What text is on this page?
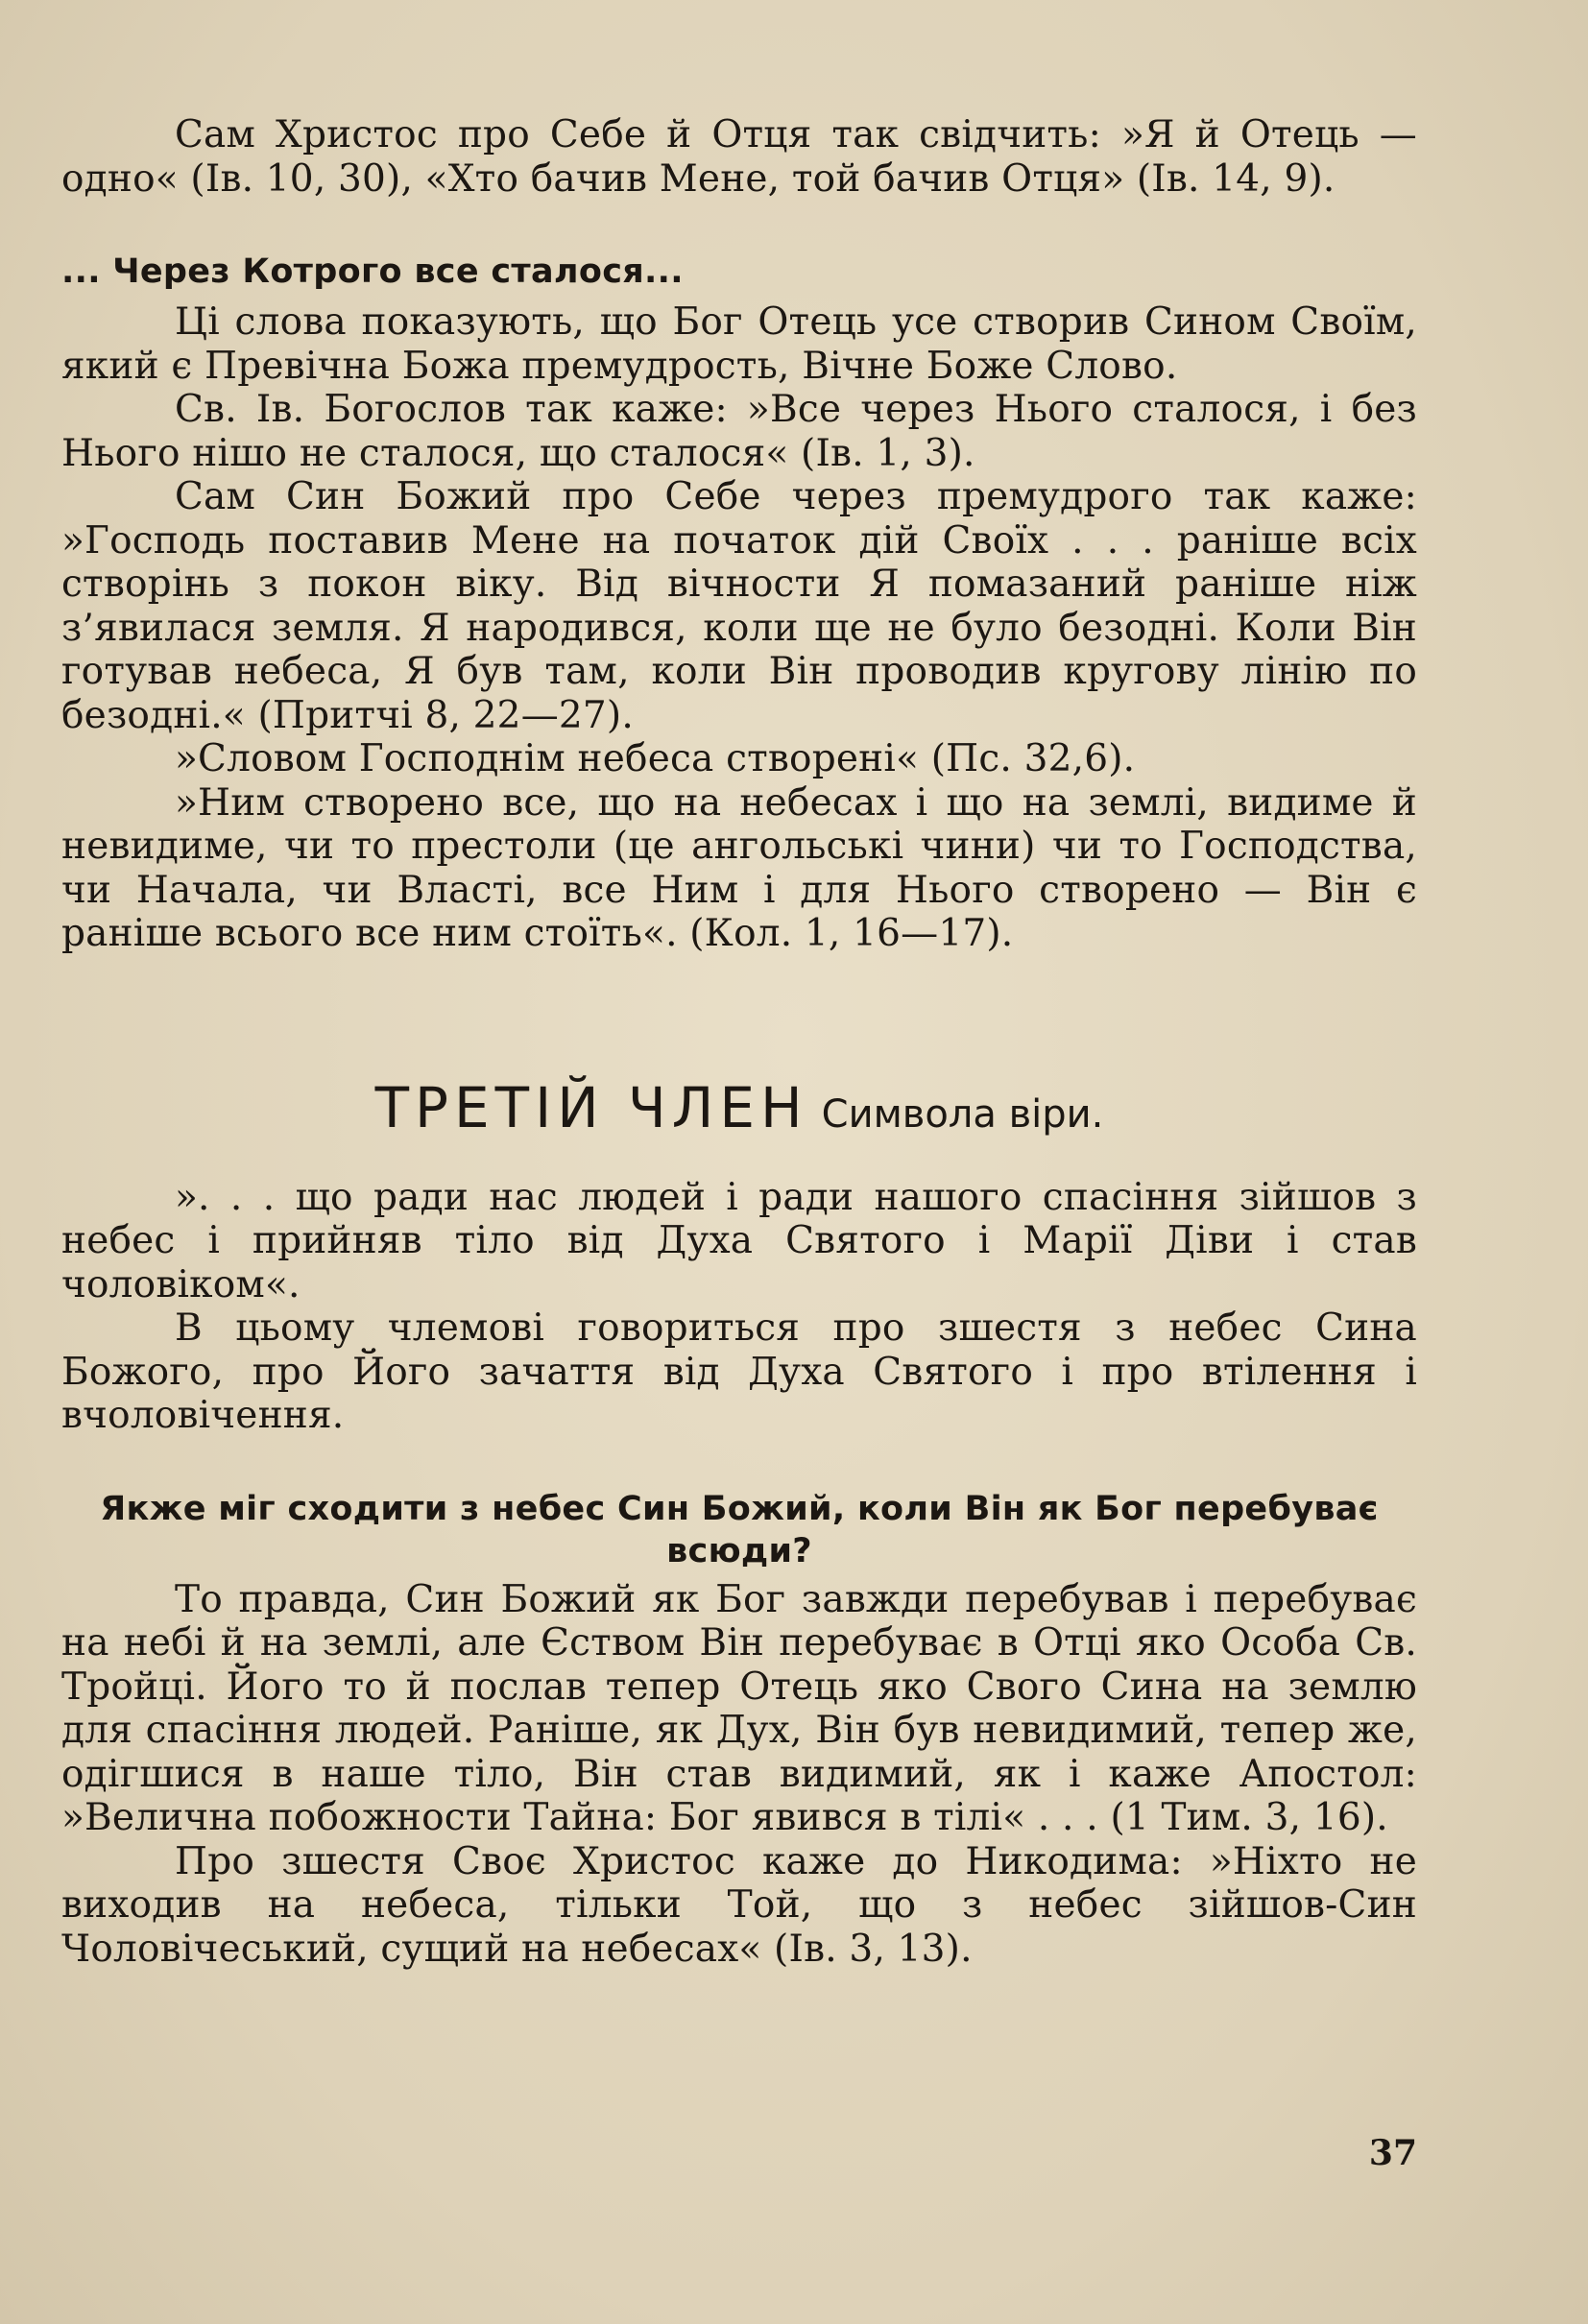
Сам Христос про Себе й Отця так свідчить: »Я й Отець — одно« (Ів. 10, 30), «Хто бачив Мене, той бачив Отця» (Ів. 14, 9).

... Через Котрого все сталося...

Ці слова показують, що Бог Отець усе створив Сином Своїм, який є Превічна Божа премудрость, Вічне Боже Слово.

Св. Ів. Богослов так каже: »Все через Нього сталося, і без Нього нішо не сталося, що сталося« (Ів. 1, 3).

Сам Син Божий про Себе через премудрого так каже: »Господь поставив Мене на початок дій Своїх . . . раніше всіх створінь з покон віку. Від вічности Я помазаний раніше ніж з’явилася земля. Я народився, коли ще не було безодні. Коли Він готував небеса, Я був там, коли Він проводив кругову лінію по безодні.« (Притчі 8, 22—27).

»Словом Господнім небеса створені« (Пс. 32,6).

»Ним створено все, що на небесах і що на землі, видиме й невидиме, чи то престоли (це ангольські чини) чи то Господства, чи Начала, чи Власті, все Ним і для Нього створено — Він є раніше всього все ним стоїть«. (Кол. 1, 16—17).

ТРЕТІЙ ЧЛЕН Символа віри.

». . . що ради нас людей і ради нашого спасіння зійшов з небес і прийняв тіло від Духа Святого і Марії Діви і став чоловіком«.

В цьому члемові говориться про зшестя з небес Сина Божого, про Його зачаття від Духа Святого і про втілення і вчоловічення.

Якже міг сходити з небес Син Божий, коли Він як Бог перебуває всюди?

То правда, Син Божий як Бог завжди перебував і перебуває на небі й на землі, але Єством Він перебуває в Отці яко Особа Св. Тройці. Його то й послав тепер Отець яко Свого Сина на землю для спасіння людей. Раніше, як Дух, Він був невидимий, тепер же, одігшися в наше тіло, Він став видимий, як і каже Апостол: »Велична побожности Тайна: Бог явився в тілі« . . . (1 Тим. 3, 16).

Про зшестя Своє Христос каже до Никодима: »Ніхто не виходив на небеса, тільки Той, що з небес зійшов-Син Чоловічеський, сущий на небесах« (Ів. 3, 13).

37
